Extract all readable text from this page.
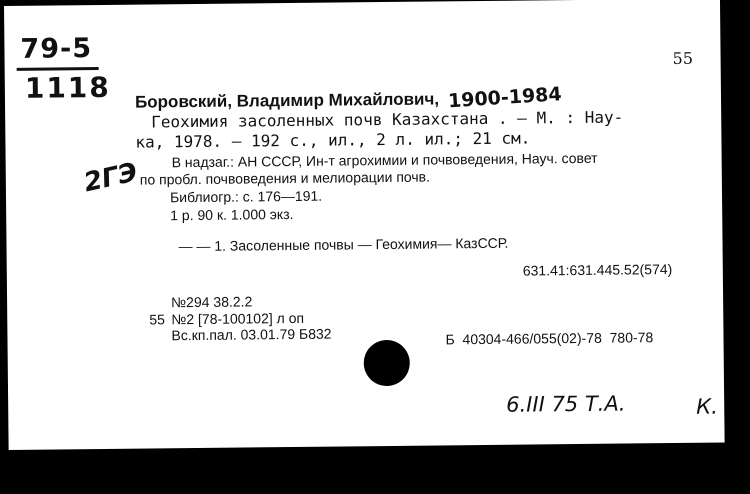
79-5
1118
55
Боровский, Владимир Михайлович, 1900-1984
Геохимия засоленных почв Казахстана . — М. : Нау-
ка, 1978. — 192 с., ил., 2 л. ил.; 21 см.
В надзаг.: АН СССР, Ин-т агрохимии и почвоведения, Науч. совет
по пробл. почвоведения и мелиорации почв.
2ГЭ Библиогр.: с. 176—191.
1 р. 90 к. 1.000 экз.
— — 1. Засоленные почвы — Геохимия— КазССР.
631.41:631.445.52(574)
№294 38.2.2
55 №2 [78-100102] л оп
Вс.кп.пал. 03.01.79 Б832	Б  40304-466/055(02)-78  780-78
6.III 75 Т.А.	К.
